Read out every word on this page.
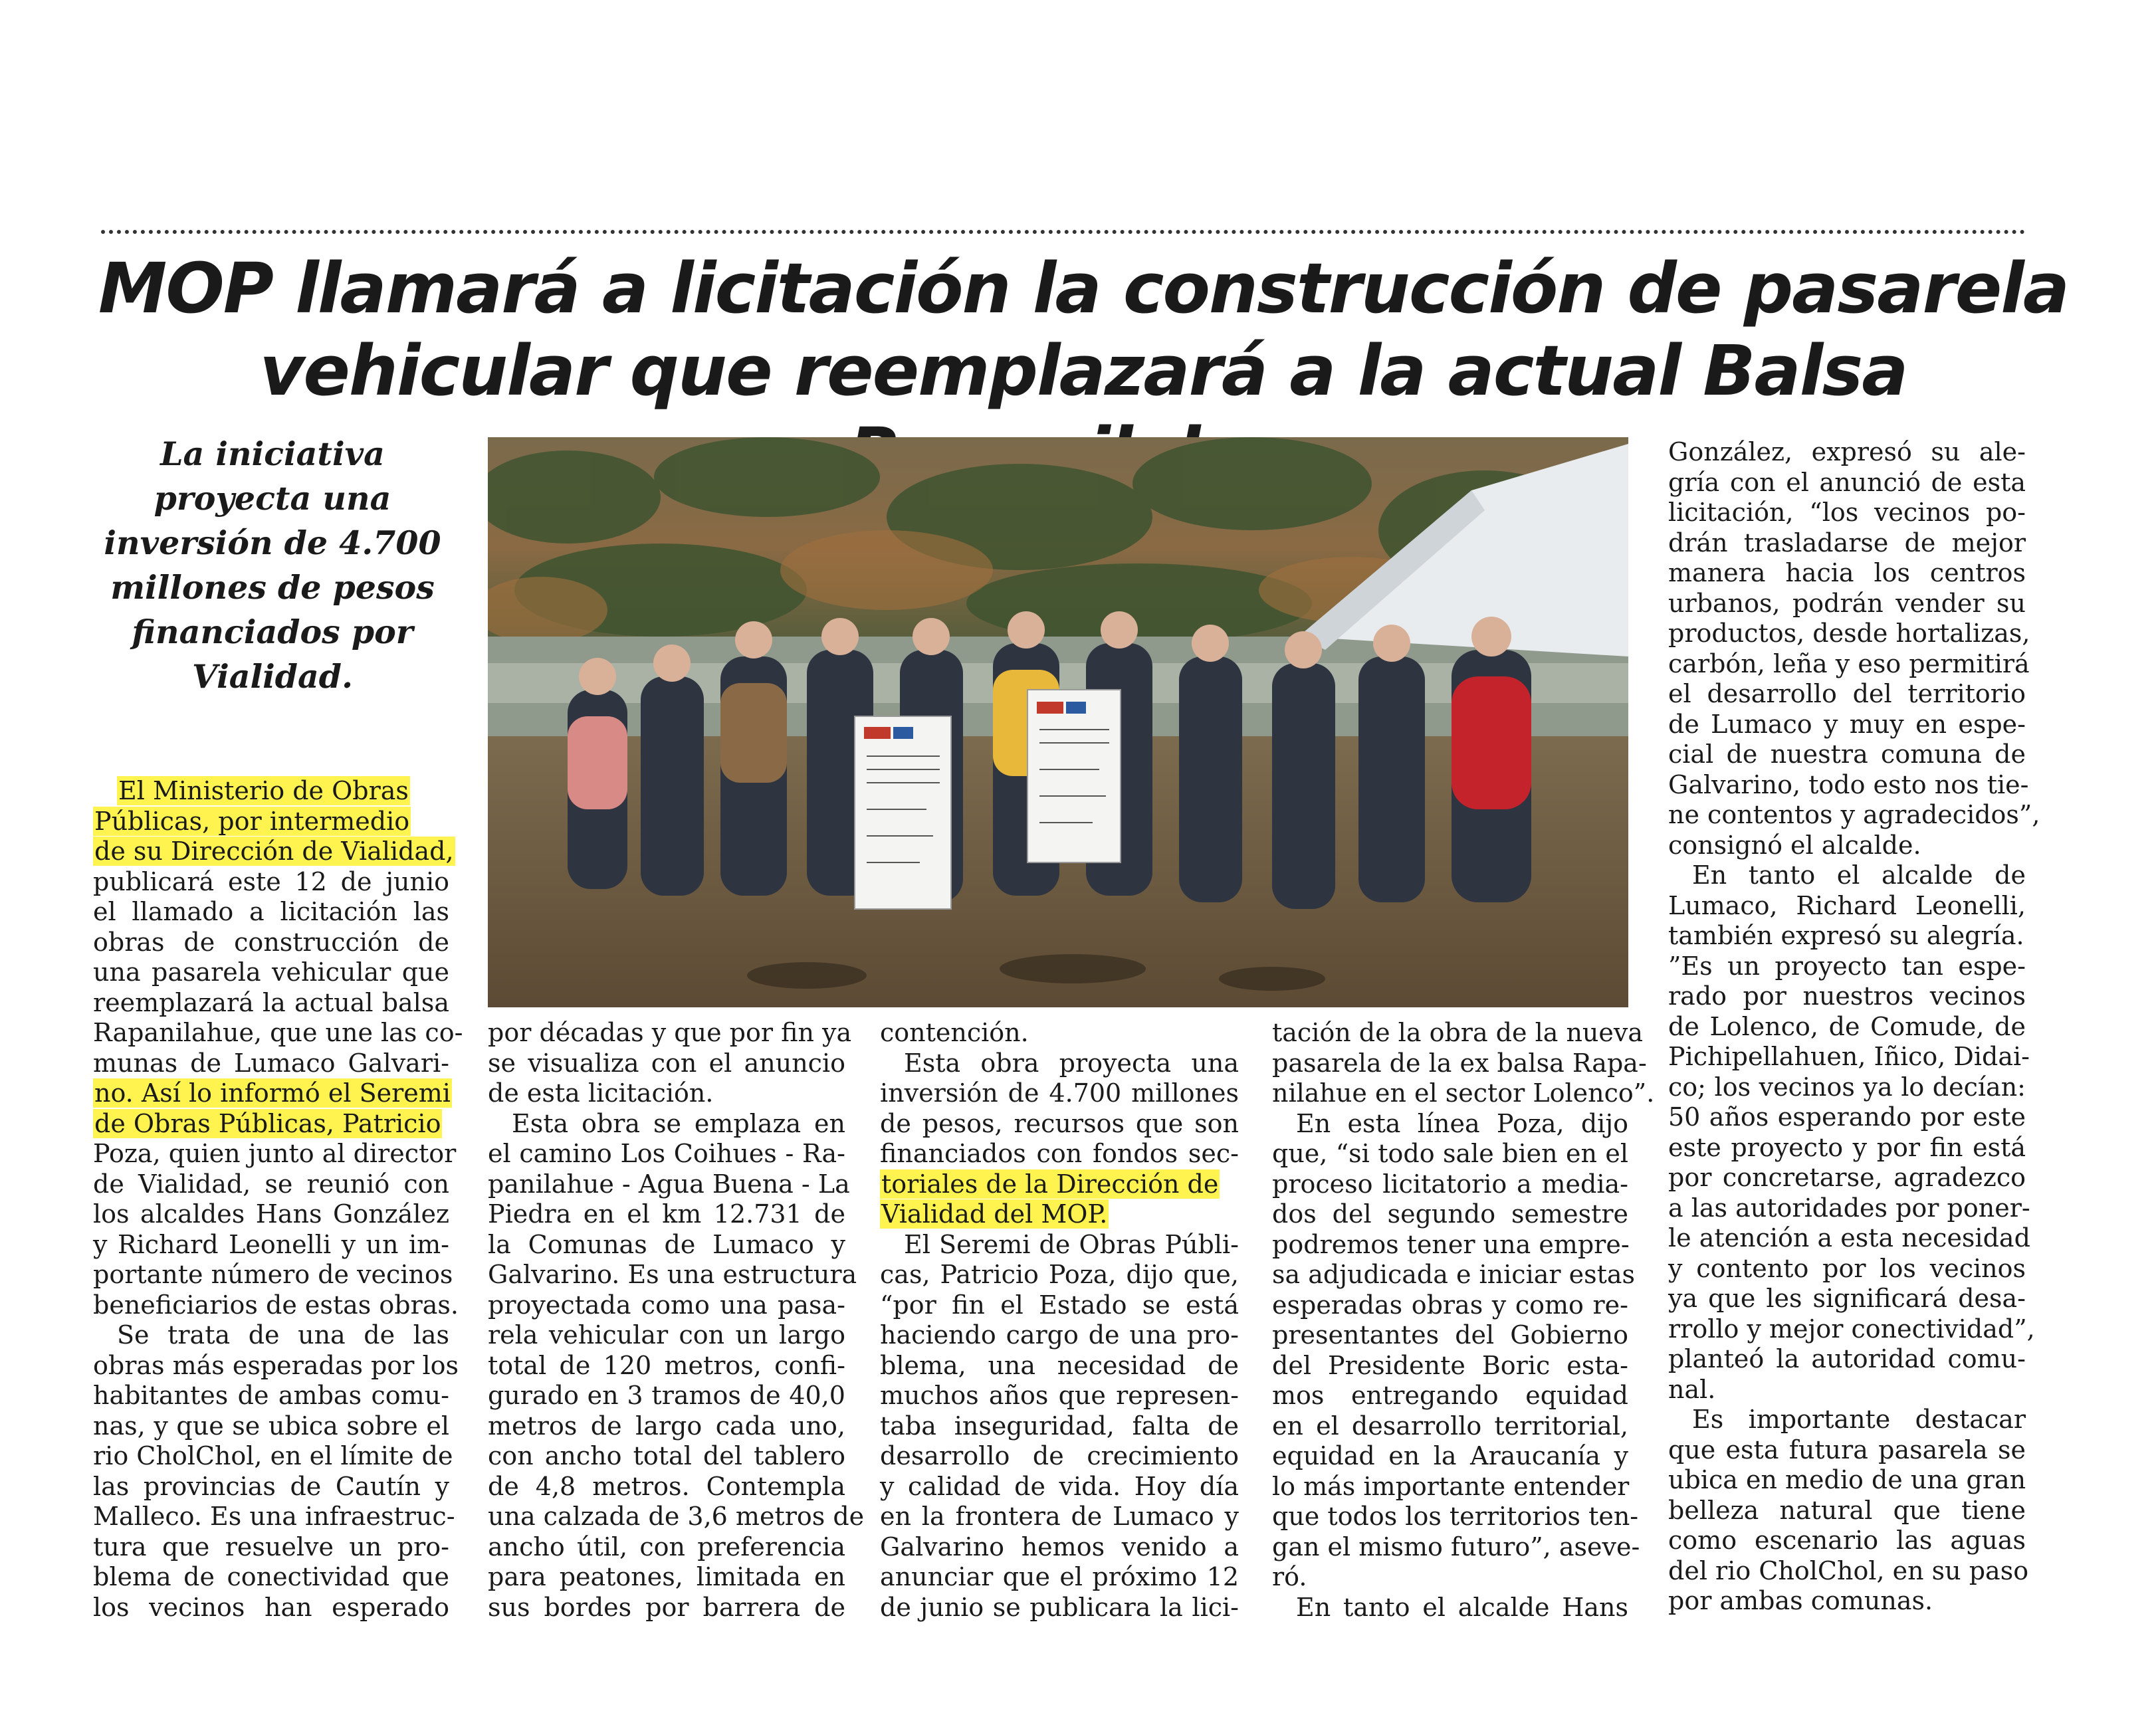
MOP llamará a licitación la construcción de pasarela
vehicular que reemplazará a la actual Balsa
La iniciativa
proyecta una
inversión de 4.700
millones de pesos
financiados por
Vialidad.

El Ministerio de Obras

Públicas, por intermedio

de su Dirección de Vialidad,

publicará este 12 de junio

el llamado a licitación las

obras de construcción de

una pasarela vehicular que

reemplazará la actual balsa

Rapanilahue, que une las co-

munas de Lumaco Galvari-

no. Así lo informó el Seremi

de Obras Públicas, Patricio

Poza, quien junto al director

de Vialidad, se reunió con

los alcaldes Hans González

y Richard Leonelli y un im-

portante número de vecinos

beneficiarios de estas obras.

Se trata de una de las

obras más esperadas por los

habitantes de ambas comu-

nas, y que se ubica sobre el

rio CholChol, en el límite de

las provincias de Cautín y

Malleco. Es una infraestruc-

tura que resuelve un pro-

blema de conectividad que

los vecinos han esperado

por décadas y que por fin ya

se visualiza con el anuncio

de esta licitación.

Esta obra se emplaza en

el camino Los Coihues - Ra-

panilahue - Agua Buena - La

Piedra en el km 12.731 de

la Comunas de Lumaco y

Galvarino. Es una estructura

proyectada como una pasa-

rela vehicular con un largo

total de 120 metros, confi-

gurado en 3 tramos de 40,0

metros de largo cada uno,

con ancho total del tablero

de 4,8 metros. Contempla

una calzada de 3,6 metros de

ancho útil, con preferencia

para peatones, limitada en

sus bordes por barrera de

contención.

Esta obra proyecta una

inversión de 4.700 millones

de pesos, recursos que son

financiados con fondos sec-

toriales de la Dirección de

Vialidad del MOP.

El Seremi de Obras Públi-

cas, Patricio Poza, dijo que,

“por fin el Estado se está

haciendo cargo de una pro-

blema, una necesidad de

muchos años que represen-

taba inseguridad, falta de

desarrollo de crecimiento

y calidad de vida. Hoy día

en la frontera de Lumaco y

Galvarino hemos venido a

anunciar que el próximo 12

de junio se publicara la lici-

tación de la obra de la nueva

pasarela de la ex balsa Rapa-

nilahue en el sector Lolenco”.

En esta línea Poza, dijo

que, “si todo sale bien en el

proceso licitatorio a media-

dos del segundo semestre

podremos tener una empre-

sa adjudicada e iniciar estas

esperadas obras y como re-

presentantes del Gobierno

del Presidente Boric esta-

mos entregando equidad

en el desarrollo territorial,

equidad en la Araucanía y

lo más importante entender

que todos los territorios ten-

gan el mismo futuro”, aseve-

ró.

En tanto el alcalde Hans

González, expresó su ale-

gría con el anunció de esta

licitación, “los vecinos po-

drán trasladarse de mejor

manera hacia los centros

urbanos, podrán vender su

productos, desde hortalizas,

carbón, leña y eso permitirá

el desarrollo del territorio

de Lumaco y muy en espe-

cial de nuestra comuna de

Galvarino, todo esto nos tie-

ne contentos y agradecidos”,

consignó el alcalde.

En tanto el alcalde de

Lumaco, Richard Leonelli,

también expresó su alegría.

”Es un proyecto tan espe-

rado por nuestros vecinos

de Lolenco, de Comude, de

Pichipellahuen, Iñico, Didai-

co; los vecinos ya lo decían:

50 años esperando por este

este proyecto y por fin está

por concretarse, agradezco

a las autoridades por poner-

le atención a esta necesidad

y contento por los vecinos

ya que les significará desa-

rrollo y mejor conectividad”,

planteó la autoridad comu-

nal.

Es importante destacar

que esta futura pasarela se

ubica en medio de una gran

belleza natural que tiene

como escenario las aguas

del rio CholChol, en su paso

por ambas comunas.
